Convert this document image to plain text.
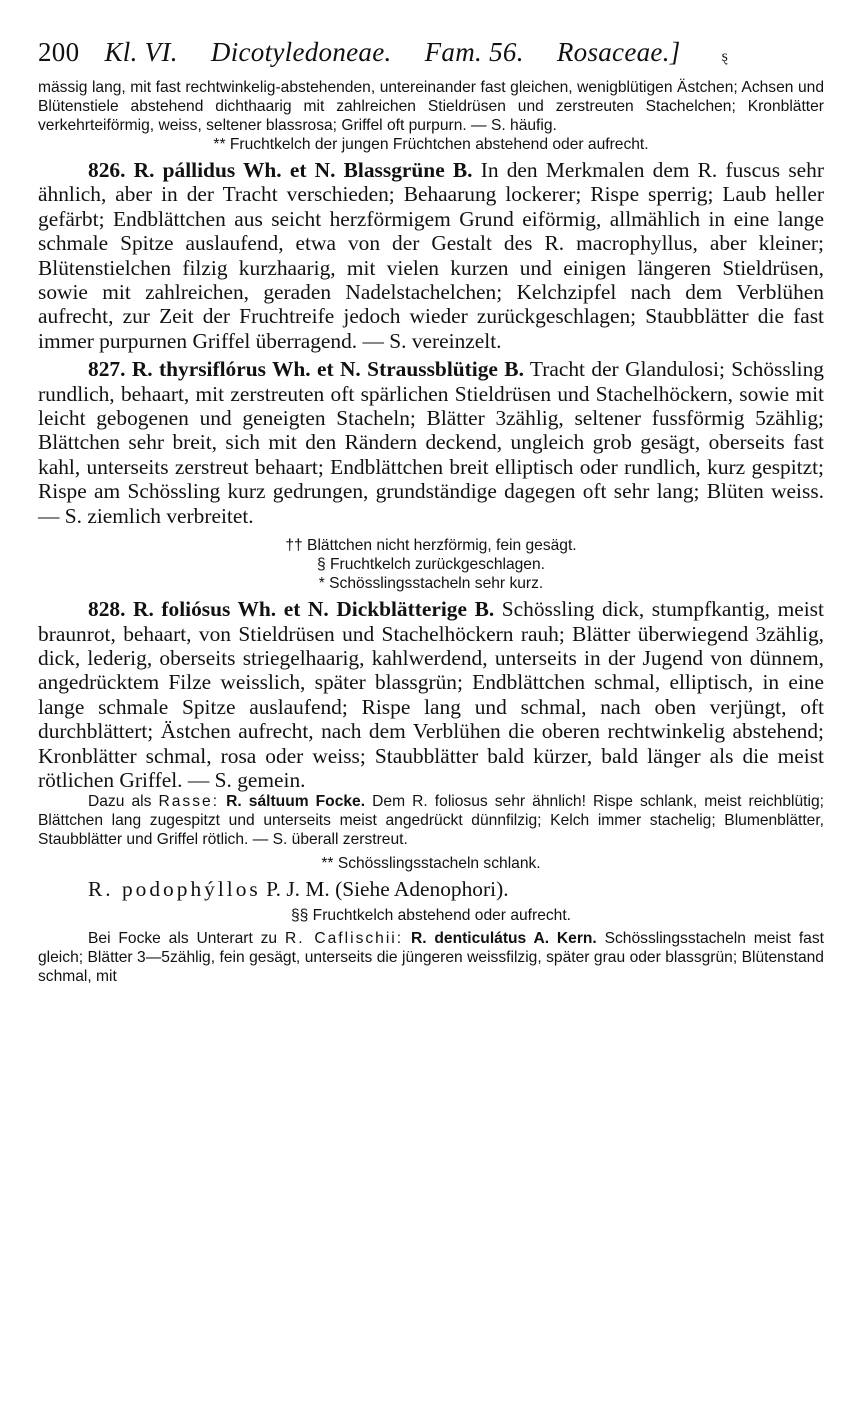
200 Kl. VI. Dicotyledoneae. Fam. 56. Rosaceae.]	ȿ

mässig lang, mit fast rechtwinkelig-abstehenden, untereinander fast gleichen, wenigblütigen Ästchen; Achsen und Blütenstiele abstehend dichthaarig mit zahlreichen Stieldrüsen und zerstreuten Stachelchen; Kronblätter verkehrteiförmig, weiss, seltener blassrosa; Griffel oft purpurn. — S. häufig.

** Fruchtkelch der jungen Früchtchen abstehend oder aufrecht.

826. R. pállidus Wh. et N. Blassgrüne B. In den Merkmalen dem R. fuscus sehr ähnlich, aber in der Tracht verschieden; Behaarung lockerer; Rispe sperrig; Laub heller gefärbt; Endblättchen aus seicht herzförmigem Grund eiförmig, allmählich in eine lange schmale Spitze auslaufend, etwa von der Gestalt des R. macrophyllus, aber kleiner; Blütenstielchen filzig kurzhaarig, mit vielen kurzen und einigen längeren Stieldrüsen, sowie mit zahlreichen, geraden Nadelstachelchen; Kelchzipfel nach dem Verblühen aufrecht, zur Zeit der Fruchtreife jedoch wieder zurückgeschlagen; Staubblätter die fast immer purpurnen Griffel überragend. — S. vereinzelt.

827. R. thyrsiflórus Wh. et N. Straussblütige B. Tracht der Glandulosi; Schössling rundlich, behaart, mit zerstreuten oft spärlichen Stieldrüsen und Stachelhöckern, sowie mit leicht gebogenen und geneigten Stacheln; Blätter 3zählig, seltener fussförmig 5zählig; Blättchen sehr breit, sich mit den Rändern deckend, ungleich grob gesägt, oberseits fast kahl, unterseits zerstreut behaart; Endblättchen breit elliptisch oder rundlich, kurz gespitzt; Rispe am Schössling kurz gedrungen, grundständige dagegen oft sehr lang; Blüten weiss. — S. ziemlich verbreitet.

†† Blättchen nicht herzförmig, fein gesägt.

§ Fruchtkelch zurückgeschlagen.

* Schösslingsstacheln sehr kurz.

828. R. foliósus Wh. et N. Dickblätterige B. Schössling dick, stumpfkantig, meist braunrot, behaart, von Stieldrüsen und Stachelhöckern rauh; Blätter überwiegend 3zählig, dick, lederig, oberseits striegelhaarig, kahlwerdend, unterseits in der Jugend von dünnem, angedrücktem Filze weisslich, später blassgrün; Endblättchen schmal, elliptisch, in eine lange schmale Spitze auslaufend; Rispe lang und schmal, nach oben verjüngt, oft durchblättert; Ästchen aufrecht, nach dem Verblühen die oberen rechtwinkelig abstehend; Kronblätter schmal, rosa oder weiss; Staubblätter bald kürzer, bald länger als die meist rötlichen Griffel. — S. gemein.

Dazu als Rasse: R. sáltuum Focke. Dem R. foliosus sehr ähnlich! Rispe schlank, meist reichblütig; Blättchen lang zugespitzt und unterseits meist angedrückt dünnfilzig; Kelch immer stachelig; Blumenblätter, Staubblätter und Griffel rötlich. — S. überall zerstreut.

** Schösslingsstacheln schlank.

R. podophýllos P. J. M. (Siehe Adenophori).

§§ Fruchtkelch abstehend oder aufrecht.

Bei Focke als Unterart zu R. Caflischii: R. denticulátus A. Kern. Schösslingsstacheln meist fast gleich; Blätter 3—5zählig, fein gesägt, unterseits die jüngeren weissfilzig, später grau oder blassgrün; Blütenstand schmal, mit
